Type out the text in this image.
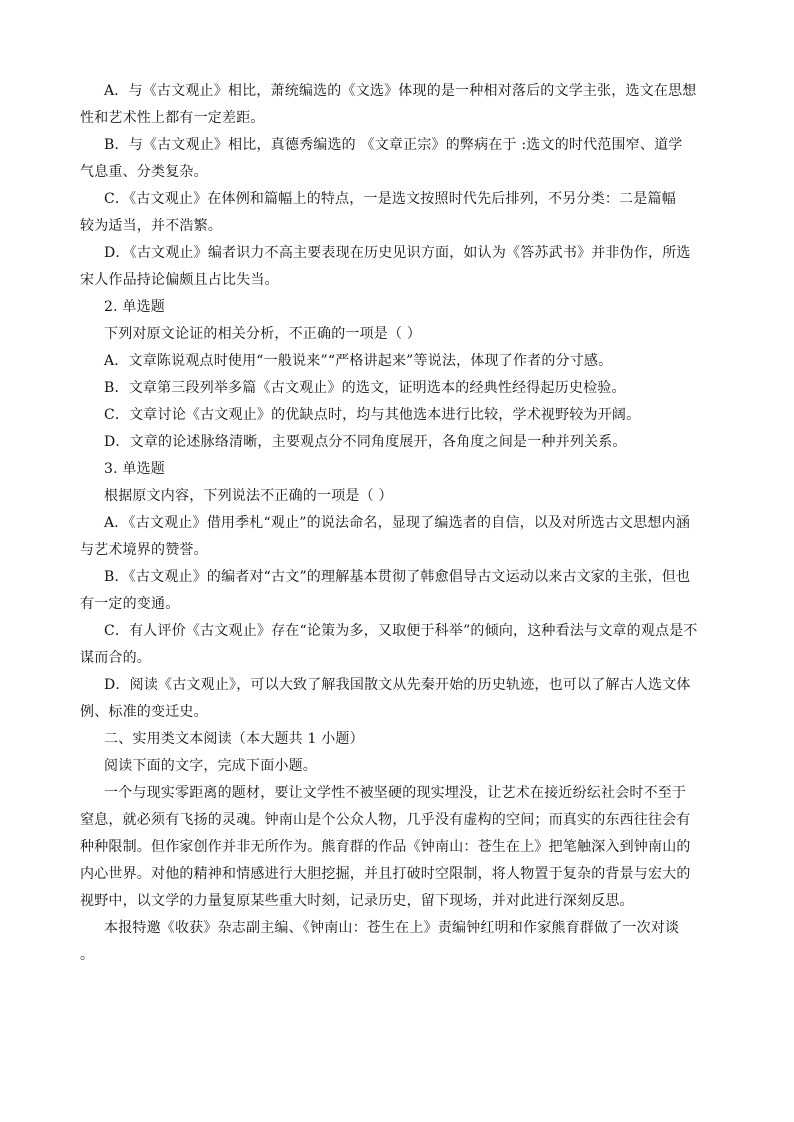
A．与《古文观止》相比，萧统编选的《文选》体现的是一种相对落后的文学主张，选文在思想
性和艺术性上都有一定差距。
B．与《古文观止》相比，真德秀编选的 《文章正宗》的弊病在于 :选文的时代范围窄、道学
气息重、分类复杂。
C．《古文观止》在体例和篇幅上的特点，一是选文按照时代先后排列，不另分类：二是篇幅
较为适当，并不浩繁。
D．《古文观止》编者识力不高主要表现在历史见识方面，如认为《答苏武书》并非伪作，所选
宋人作品持论偏颇且占比失当。
2. 单选题
下列对原文论证的相关分析，不正确的一项是（ ）
A．文章陈说观点时使用“一般说来”“严格讲起来”等说法，体现了作者的分寸感。
B．文章第三段列举多篇《古文观止》的选文，证明选本的经典性经得起历史检验。
C．文章讨论《古文观止》的优缺点时，均与其他选本进行比较，学术视野较为开阔。
D．文章的论述脉络清晰，主要观点分不同角度展开，各角度之间是一种并列关系。
3. 单选题
根据原文内容，下列说法不正确的一项是（ ）
A．《古文观止》借用季札“观止”的说法命名，显现了编选者的自信，以及对所选古文思想内涵
与艺术境界的赞誉。
B．《古文观止》的编者对“古文”的理解基本贯彻了韩愈倡导古文运动以来古文家的主张，但也
有一定的变通。
C．有人评价《古文观止》存在“论策为多，又取便于科举”的倾向，这种看法与文章的观点是不
谋而合的。
D．阅读《古文观止》，可以大致了解我国散文从先秦开始的历史轨迹，也可以了解古人选文体
例、标准的变迁史。
二、实用类文本阅读（本大题共 1 小题）
阅读下面的文字，完成下面小题。
一个与现实零距离的题材，要让文学性不被坚硬的现实埋没，让艺术在接近纷纭社会时不至于
窒息，就必须有飞扬的灵魂。钟南山是个公众人物，几乎没有虚构的空间；而真实的东西往往会有
种种限制。但作家创作并非无所作为。熊育群的作品《钟南山：苍生在上》把笔触深入到钟南山的
内心世界。对他的精神和情感进行大胆挖掘，并且打破时空限制，将人物置于复杂的背景与宏大的
视野中，以文学的力量复原某些重大时刻，记录历史，留下现场，并对此进行深刻反思。
本报特邀《收获》杂志副主编、《钟南山：苍生在上》责编钟红明和作家熊育群做了一次对谈
。
